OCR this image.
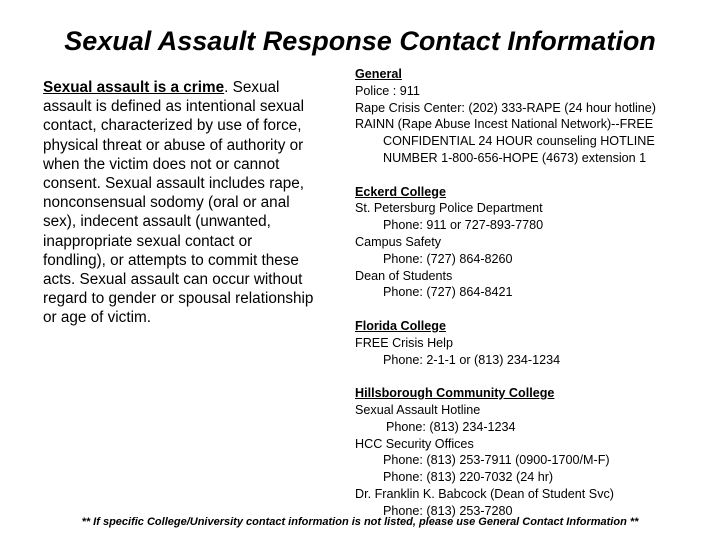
Sexual Assault Response Contact Information
Sexual assault is a crime. Sexual assault is defined as intentional sexual contact, characterized by use of force, physical threat or abuse of authority or when the victim does not or cannot consent. Sexual assault includes rape, nonconsensual sodomy (oral or anal sex), indecent assault (unwanted, inappropriate sexual contact or fondling), or attempts to commit these acts. Sexual assault can occur without regard to gender or spousal relationship or age of victim.
General
Police : 911
Rape Crisis Center: (202) 333-RAPE (24 hour hotline)
RAINN (Rape Abuse Incest National Network)--FREE
CONFIDENTIAL 24 HOUR counseling HOTLINE
NUMBER 1-800-656-HOPE (4673) extension 1
Eckerd College
St. Petersburg Police Department
Phone: 911 or 727-893-7780
Campus Safety
Phone: (727) 864-8260
Dean of Students
Phone: (727) 864-8421
Florida College
FREE Crisis Help
Phone: 2-1-1 or (813) 234-1234
Hillsborough Community College
Sexual Assault Hotline
Phone: (813) 234-1234
HCC Security Offices
Phone: (813) 253-7911 (0900-1700/M-F)
Phone: (813) 220-7032 (24 hr)
Dr. Franklin K. Babcock (Dean of Student Svc)
Phone: (813) 253-7280
** If specific College/University contact information is not listed, please use General Contact Information **
